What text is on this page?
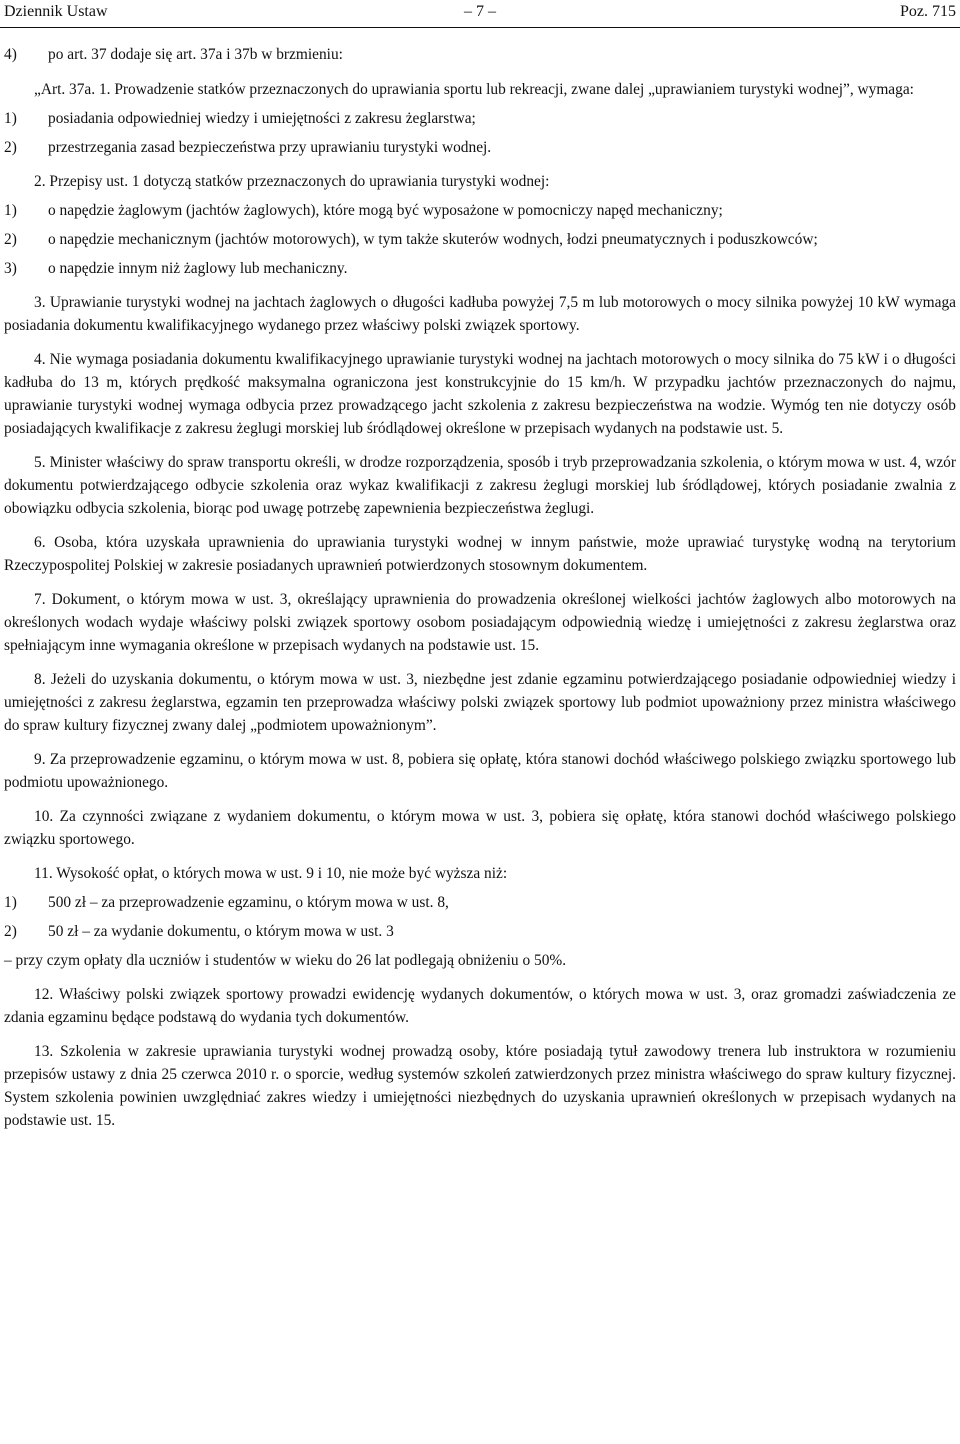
Dziennik Ustaw	– 7 –	Poz. 715
4) po art. 37 dodaje się art. 37a i 37b w brzmieniu:

„Art. 37a. 1. Prowadzenie statków przeznaczonych do uprawiania sportu lub rekreacji, zwane dalej „uprawianiem turystyki wodnej”, wymaga:

1) posiadania odpowiedniej wiedzy i umiejętności z zakresu żeglarstwa;
2) przestrzegania zasad bezpieczeństwa przy uprawianiu turystyki wodnej.

2. Przepisy ust. 1 dotyczą statków przeznaczonych do uprawiania turystyki wodnej:

1) o napędzie żaglowym (jachtów żaglowych), które mogą być wyposażone w pomocniczy napęd mechaniczny;
2) o napędzie mechanicznym (jachtów motorowych), w tym także skuterów wodnych, łodzi pneumatycznych i poduszkowców;
3) o napędzie innym niż żaglowy lub mechaniczny.

3. Uprawianie turystyki wodnej na jachtach żaglowych o długości kadłuba powyżej 7,5 m lub motorowych o mocy silnika powyżej 10 kW wymaga posiadania dokumentu kwalifikacyjnego wydanego przez właściwy polski związek sportowy.

4. Nie wymaga posiadania dokumentu kwalifikacyjnego uprawianie turystyki wodnej na jachtach motorowych o mocy silnika do 75 kW i o długości kadłuba do 13 m, których prędkość maksymalna ograniczona jest konstrukcyjnie do 15 km/h. W przypadku jachtów przeznaczonych do najmu, uprawianie turystyki wodnej wymaga odbycia przez prowadzącego jacht szkolenia z zakresu bezpieczeństwa na wodzie. Wymóg ten nie dotyczy osób posiadających kwalifikacje z zakresu żeglugi morskiej lub śródlądowej określone w przepisach wydanych na podstawie ust. 5.

5. Minister właściwy do spraw transportu określi, w drodze rozporządzenia, sposób i tryb przeprowadzania szkolenia, o którym mowa w ust. 4, wzór dokumentu potwierdzającego odbycie szkolenia oraz wykaz kwalifikacji z zakresu żeglugi morskiej lub śródlądowej, których posiadanie zwalnia z obowiązku odbycia szkolenia, biorąc pod uwagę potrzebę zapewnienia bezpieczeństwa żeglugi.

6. Osoba, która uzyskała uprawnienia do uprawiania turystyki wodnej w innym państwie, może uprawiać turystykę wodną na terytorium Rzeczypospolitej Polskiej w zakresie posiadanych uprawnień potwierdzonych stosownym dokumentem.

7. Dokument, o którym mowa w ust. 3, określający uprawnienia do prowadzenia określonej wielkości jachtów żaglowych albo motorowych na określonych wodach wydaje właściwy polski związek sportowy osobom posiadającym odpowiednią wiedzę i umiejętności z zakresu żeglarstwa oraz spełniającym inne wymagania określone w przepisach wydanych na podstawie ust. 15.

8. Jeżeli do uzyskania dokumentu, o którym mowa w ust. 3, niezbędne jest zdanie egzaminu potwierdzającego posiadanie odpowiedniej wiedzy i umiejętności z zakresu żeglarstwa, egzamin ten przeprowadza właściwy polski związek sportowy lub podmiot upoważniony przez ministra właściwego do spraw kultury fizycznej zwany dalej „podmiotem upoważnionym”.

9. Za przeprowadzenie egzaminu, o którym mowa w ust. 8, pobiera się opłatę, która stanowi dochód właściwego polskiego związku sportowego lub podmiotu upoważnionego.

10. Za czynności związane z wydaniem dokumentu, o którym mowa w ust. 3, pobiera się opłatę, która stanowi dochód właściwego polskiego związku sportowego.

11. Wysokość opłat, o których mowa w ust. 9 i 10, nie może być wyższa niż:

1) 500 zł – za przeprowadzenie egzaminu, o którym mowa w ust. 8,
2) 50 zł – za wydanie dokumentu, o którym mowa w ust. 3

– przy czym opłaty dla uczniów i studentów w wieku do 26 lat podlegają obniżeniu o 50%.

12. Właściwy polski związek sportowy prowadzi ewidencję wydanych dokumentów, o których mowa w ust. 3, oraz gromadzi zaświadczenia ze zdania egzaminu będące podstawą do wydania tych dokumentów.

13. Szkolenia w zakresie uprawiania turystyki wodnej prowadzą osoby, które posiadają tytuł zawodowy trenera lub instruktora w rozumieniu przepisów ustawy z dnia 25 czerwca 2010 r. o sporcie, według systemów szkoleń zatwierdzonych przez ministra właściwego do spraw kultury fizycznej. System szkolenia powinien uwzględniać zakres wiedzy i umiejętności niezbędnych do uzyskania uprawnień określonych w przepisach wydanych na podstawie ust. 15.
